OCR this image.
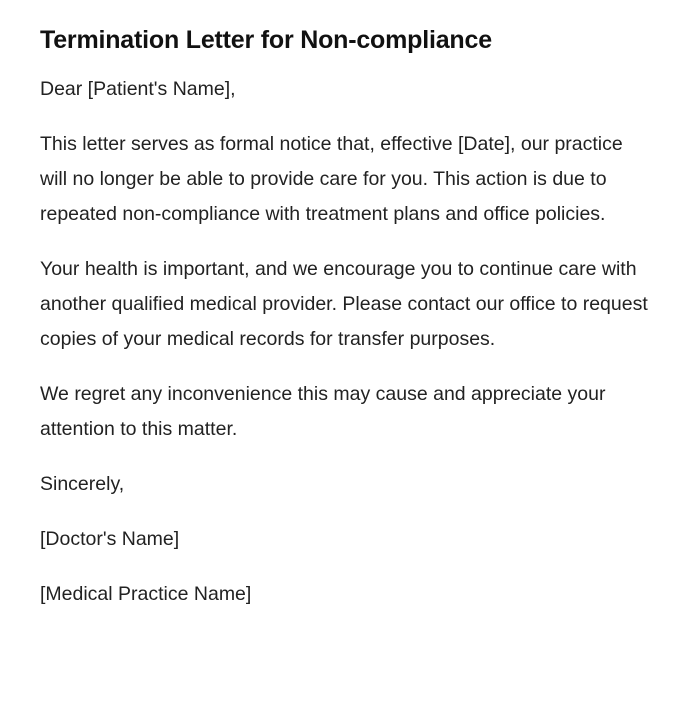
Termination Letter for Non-compliance

Dear [Patient's Name],

This letter serves as formal notice that, effective [Date], our practice will no longer be able to provide care for you. This action is due to repeated non-compliance with treatment plans and office policies.

Your health is important, and we encourage you to continue care with another qualified medical provider. Please contact our office to request copies of your medical records for transfer purposes.

We regret any inconvenience this may cause and appreciate your attention to this matter.

Sincerely,

[Doctor's Name]

[Medical Practice Name]
